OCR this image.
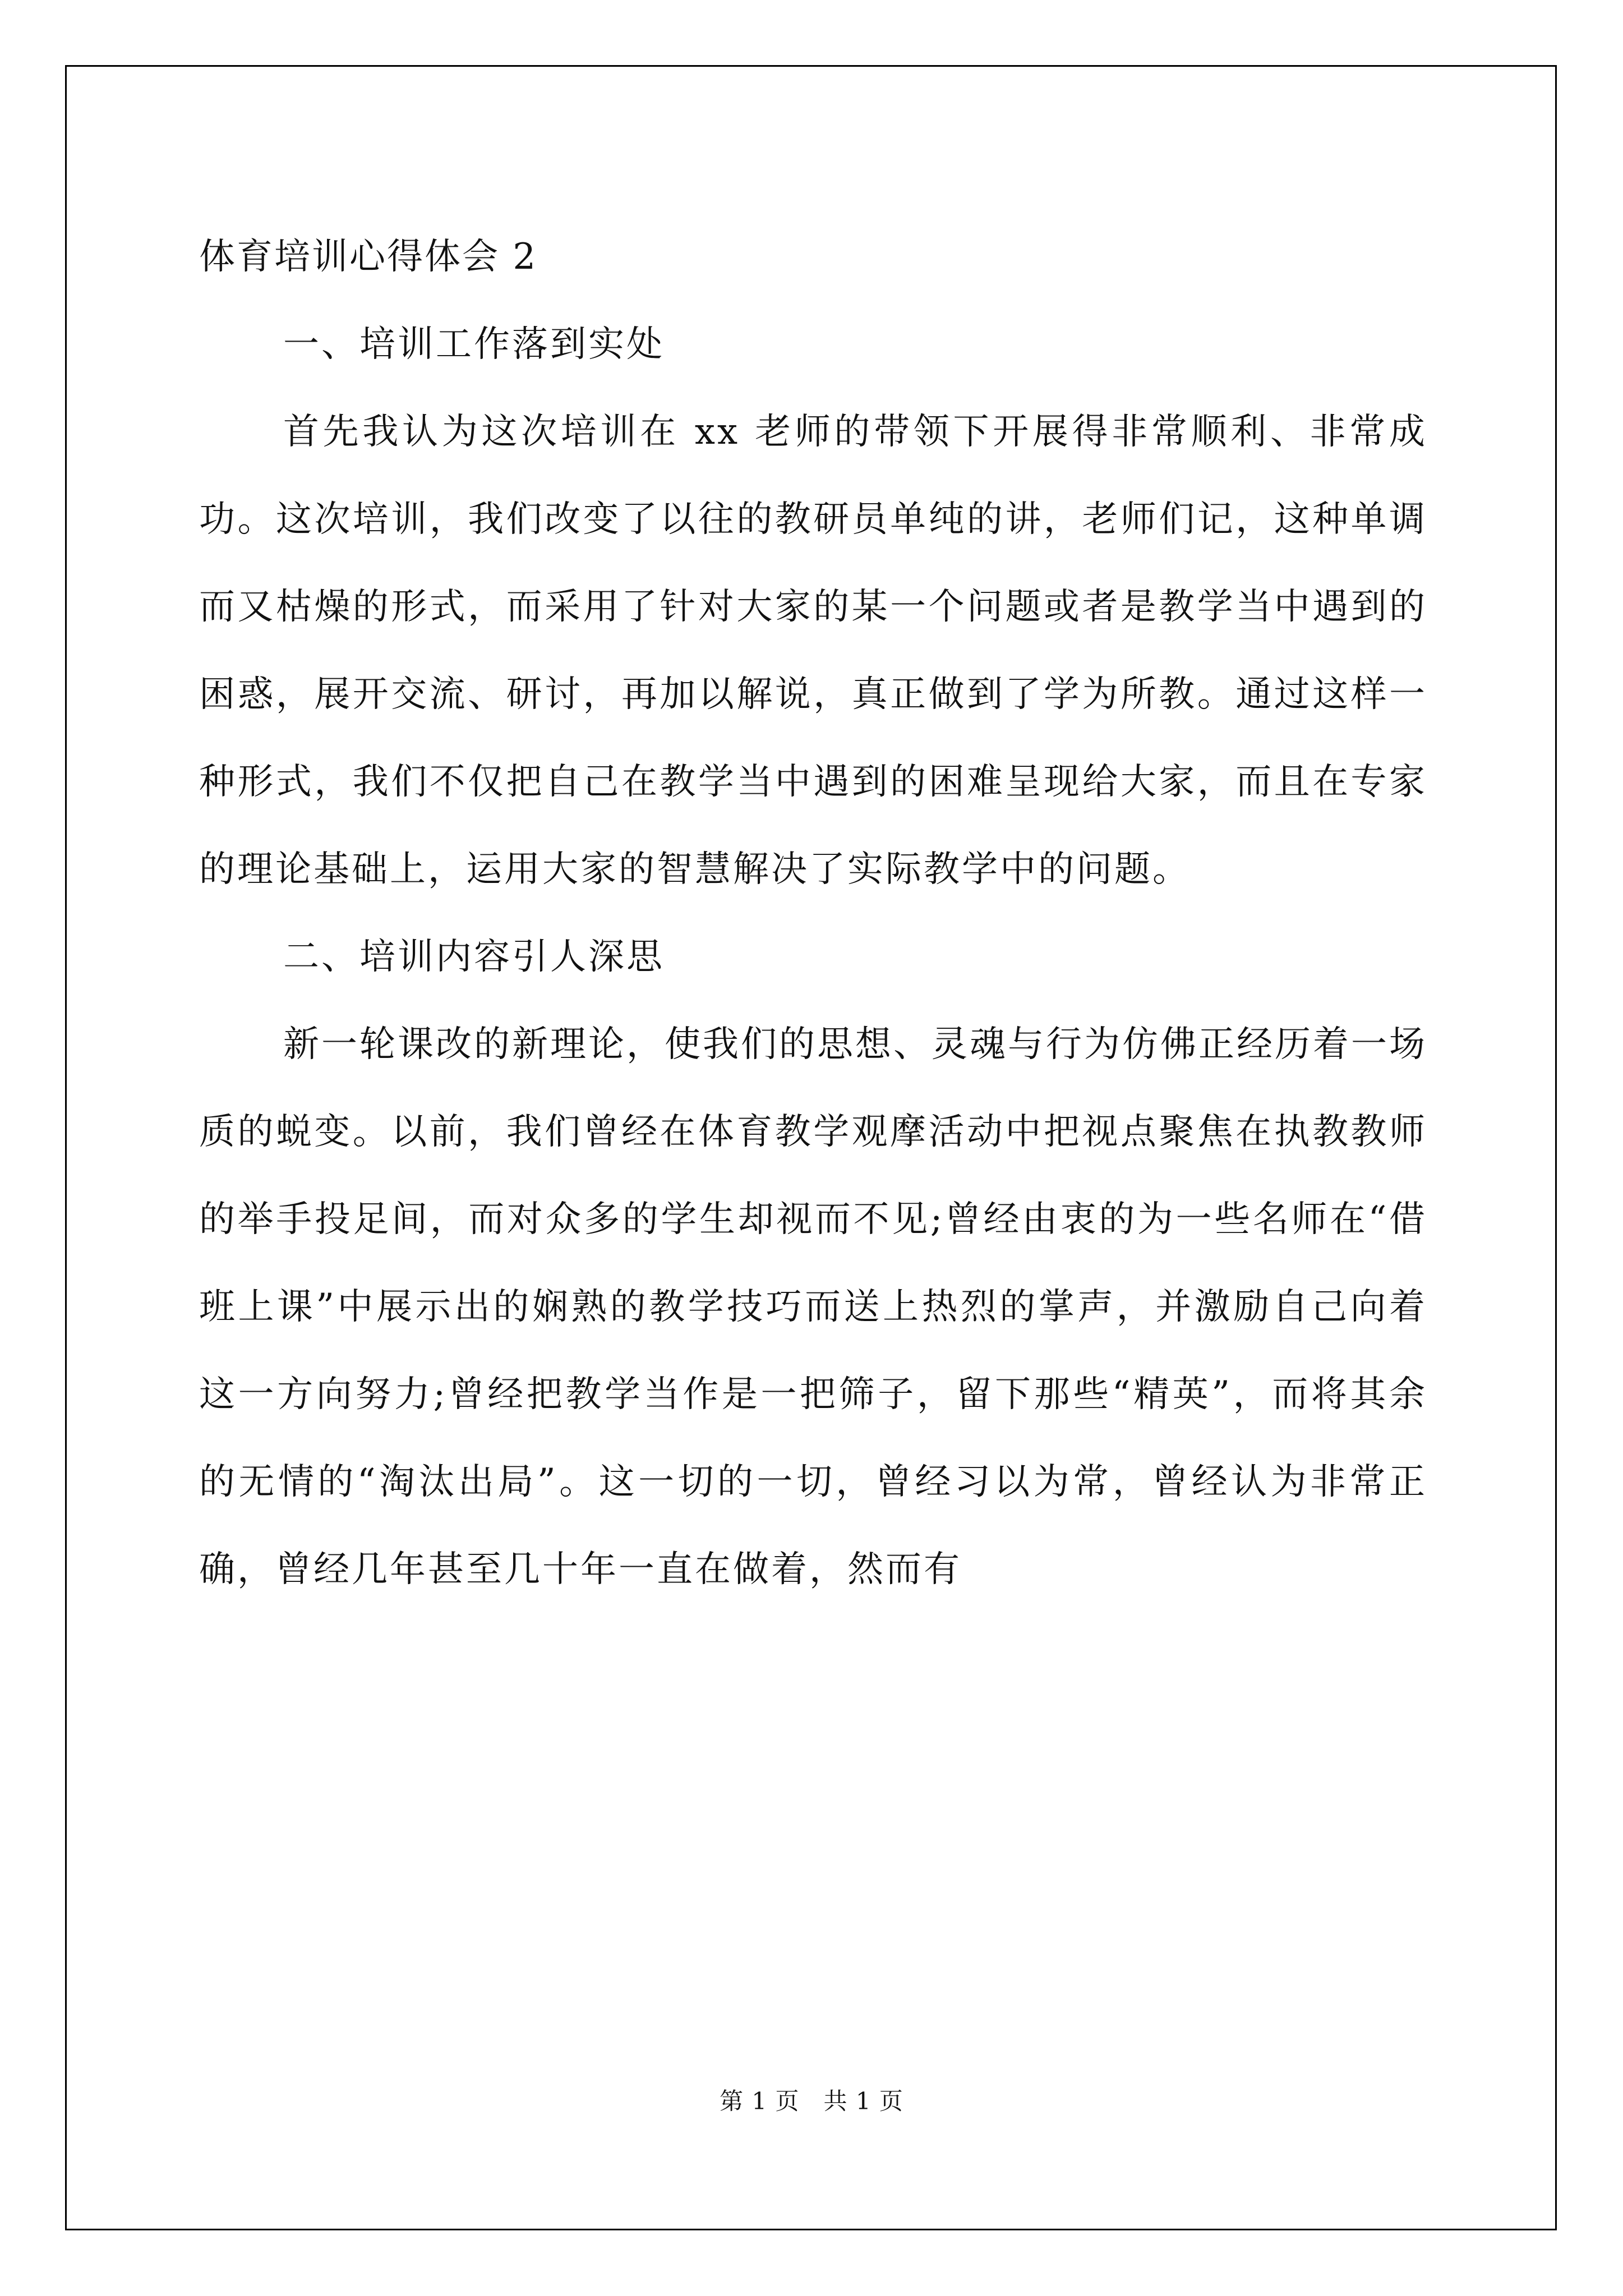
体育培训心得体会 2
一、培训工作落到实处

首先我认为这次培训在 xx 老师的带领下开展得非常顺利、非常成功。这次培训，我们改变了以往的教研员单纯的讲，老师们记，这种单调而又枯燥的形式，而采用了针对大家的某一个问题或者是教学当中遇到的困惑，展开交流、研讨，再加以解说，真正做到了学为所教。通过这样一种形式，我们不仅把自己在教学当中遇到的困难呈现给大家，而且在专家的理论基础上，运用大家的智慧解决了实际教学中的问题。

二、培训内容引人深思

新一轮课改的新理论，使我们的思想、灵魂与行为仿佛正经历着一场质的蜕变。以前，我们曾经在体育教学观摩活动中把视点聚焦在执教教师的举手投足间，而对众多的学生却视而不见;曾经由衷的为一些名师在“借班上课”中展示出的娴熟的教学技巧而送上热烈的掌声，并激励自己向着这一方向努力;曾经把教学当作是一把筛子，留下那些“精英”，而将其余的无情的“淘汰出局”。这一切的一切，曾经习以为常，曾经认为非常正确，曾经几年甚至几十年一直在做着，然而有

第 1 页　共 1 页
